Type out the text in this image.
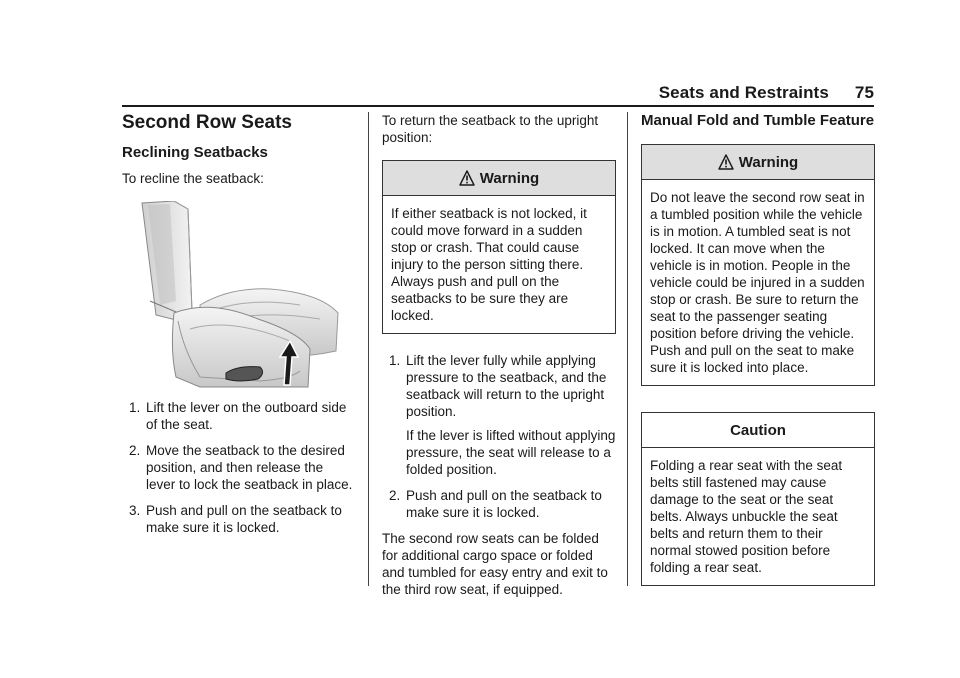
Seats and Restraints 75
Second Row Seats
Reclining Seatbacks

To recline the seatback:

1. Lift the lever on the outboard side of the seat.
2. Move the seatback to the desired position, and then release the lever to lock the seatback in place.
3. Push and pull on the seatback to make sure it is locked.

To return the seatback to the upright position:

Warning
If either seatback is not locked, it could move forward in a sudden stop or crash. That could cause injury to the person sitting there. Always push and pull on the seatbacks to be sure they are locked.
1. Lift the lever fully while applying pressure to the seatback, and the seatback will return to the upright position.

If the lever is lifted without applying pressure, the seat will release to a folded position.

2. Push and pull on the seatback to make sure it is locked.

The second row seats can be folded for additional cargo space or folded and tumbled for easy entry and exit to the third row seat, if equipped.

Manual Fold and Tumble Feature
Warning
Do not leave the second row seat in a tumbled position while the vehicle is in motion. A tumbled seat is not locked. It can move when the vehicle is in motion. People in the vehicle could be injured in a sudden stop or crash. Be sure to return the seat to the passenger seating position before driving the vehicle. Push and pull on the seat to make sure it is locked into place.
Caution
Folding a rear seat with the seat belts still fastened may cause damage to the seat or the seat belts. Always unbuckle the seat belts and return them to their normal stowed position before folding a rear seat.
